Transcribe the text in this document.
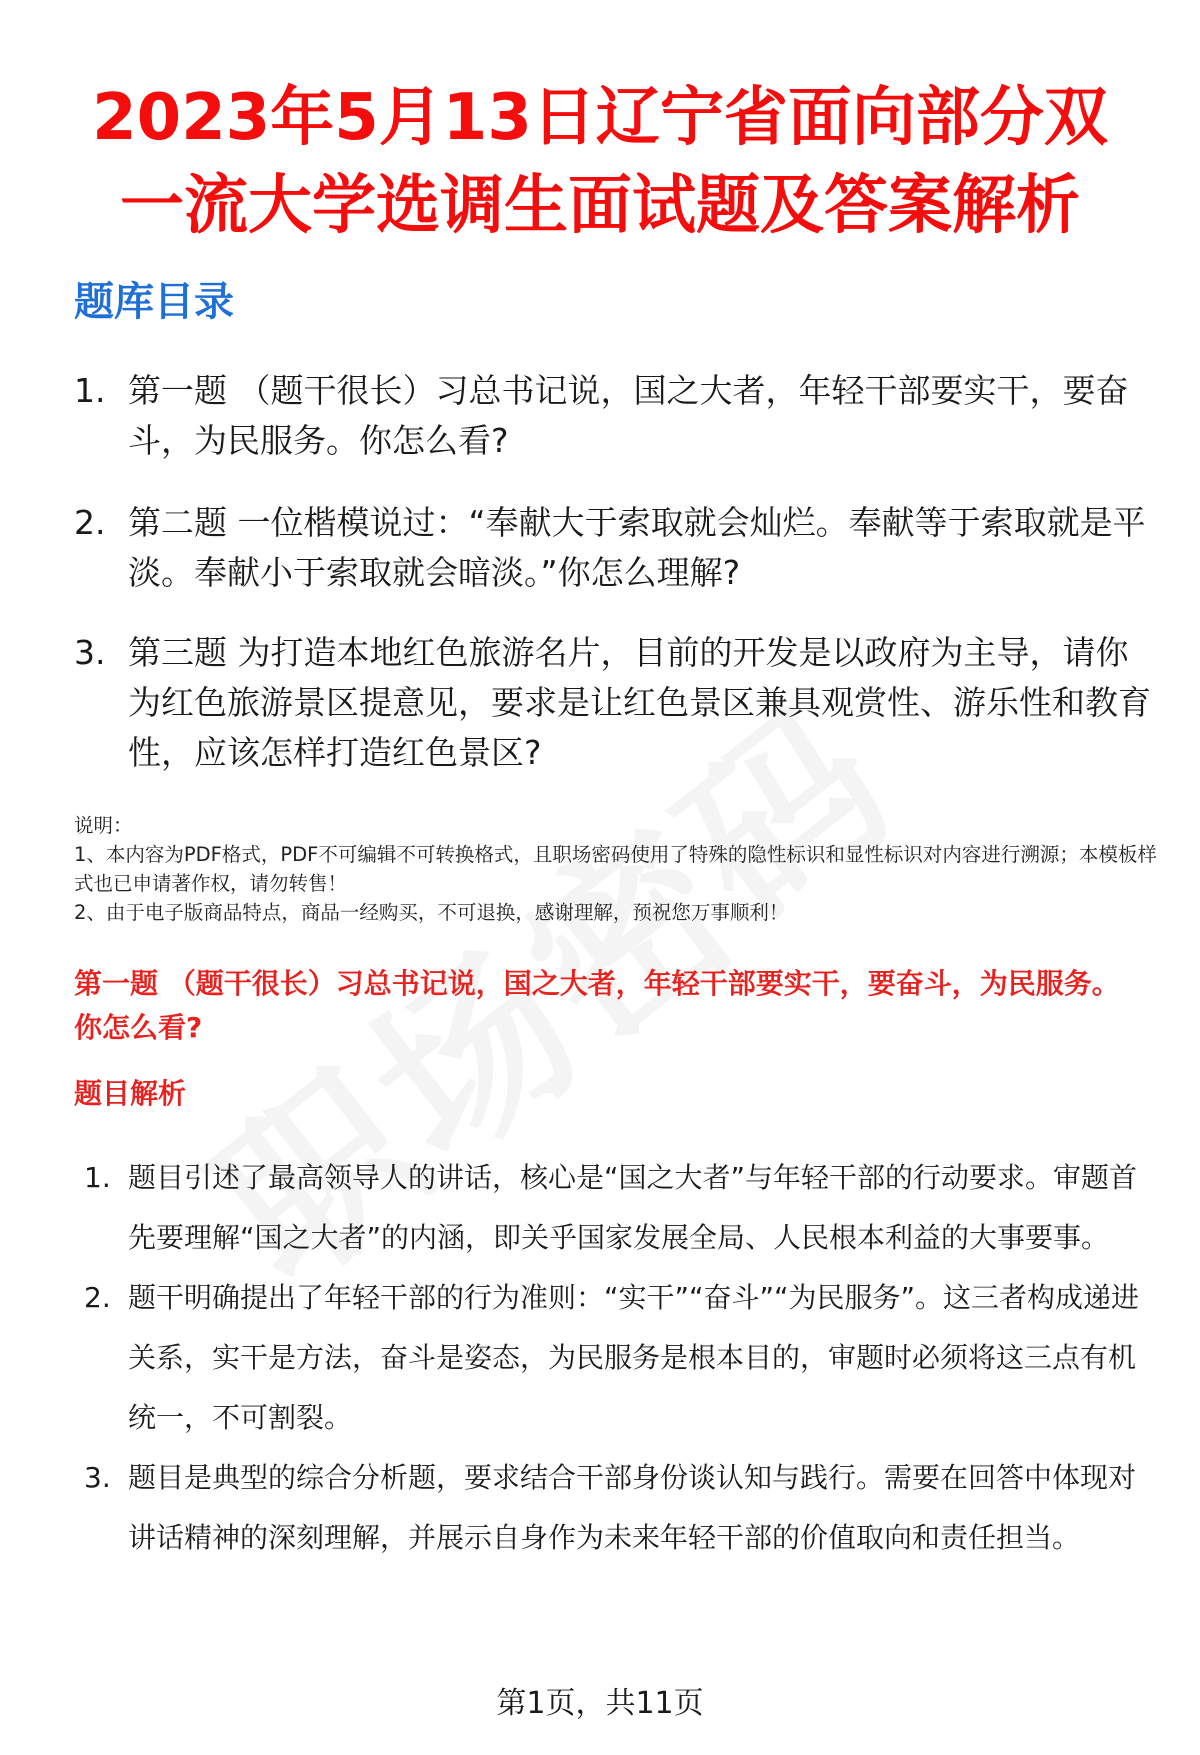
2023年5月13日辽宁省面向部分双
一流大学选调生面试题及答案解析
题库目录
1. 第一题 （题干很长）习总书记说，国之大者，年轻干部要实干，要奋斗，为民服务。你怎么看?
2. 第二题 一位楷模说过：“奉献大于索取就会灿烂。奉献等于索取就是平淡。奉献小于索取就会暗淡。”你怎么理解?
3. 第三题 为打造本地红色旅游名片，目前的开发是以政府为主导，请你为红色旅游景区提意见，要求是让红色景区兼具观赏性、游乐性和教育性，应该怎样打造红色景区?

说明：

1、本内容为PDF格式，PDF不可编辑不可转换格式，且职场密码使用了特殊的隐性标识和显性标识对内容进行溯源；本模板样式也已申请著作权，请勿转售！

2、由于电子版商品特点，商品一经购买，不可退换，感谢理解，预祝您万事顺利！

第一题 （题干很长）习总书记说，国之大者，年轻干部要实干，要奋斗，为民服务。你怎么看?
题目解析
1. 题目引述了最高领导人的讲话，核心是“国之大者”与年轻干部的行动要求。审题首先要理解“国之大者”的内涵，即关乎国家发展全局、人民根本利益的大事要事。
2. 题干明确提出了年轻干部的行为准则：“实干”“奋斗”“为民服务”。这三者构成递进关系，实干是方法，奋斗是姿态，为民服务是根本目的，审题时必须将这三点有机统一，不可割裂。
3. 题目是典型的综合分析题，要求结合干部身份谈认知与践行。需要在回答中体现对讲话精神的深刻理解，并展示自身作为未来年轻干部的价值取向和责任担当。
第1页，共11页
